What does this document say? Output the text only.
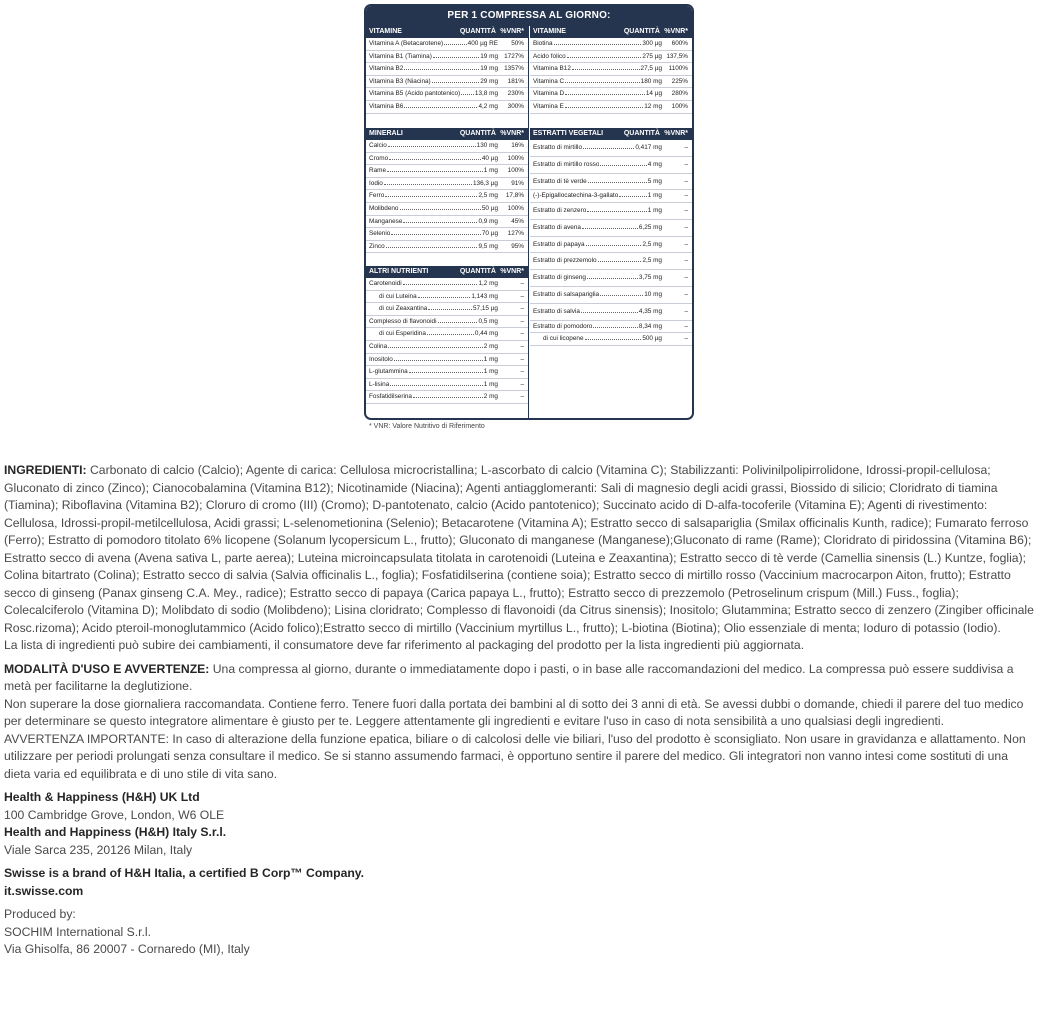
PER 1 COMPRESSA AL GIORNO:
VITAMINE	QUANTITÀ %VNR*
Vitamina A (Betacarotene)	400 µg RE	50%
Vitamina B1 (Tiamina)	19 mg 1727%
Vitamina B2	19 mg 1357%
Vitamina B3 (Niacina)	29 mg	181%
Vitamina B5 (Acido pantotenico) 13,8 mg	230%
Vitamina B6	4,2 mg	300%
MINERALI	QUANTITÀ %VNR*
Calcio	130 mg	16%
Cromo	40 µg	100%
Rame	1 mg	100%
Iodio	136,3 µg	91%
Ferro	2,5 mg	17,8%
Molibdeno	50 µg	100%
Manganese	0,9 mg	45%
Selenio	70 µg	127%
Zinco	9,5 mg	95%
ALTRI NUTRIENTI	QUANTITÀ %VNR*
Carotenoidi	1,2 mg	–
di cui Luteina	1,143 mg	–
di cui Zeaxantina	57,15 µg	–
Complesso di flavonoidi	0,5 mg	–
di cui Esperidina	0,44 mg	–
Colina	2 mg	–
Inositolo	1 mg	–
L-glutammina	1 mg	–
L-lisina	1 mg	–
Fosfatidilserina	2 mg	–
VITAMINE	QUANTITÀ %VNR*
Biotina	300 µg	600%
Acido folico	275 µg 137,5%
Vitamina B12	27,5 µg	1100%
Vitamina C	180 mg	225%
Vitamina D	14 µg	280%
Vitamina E	12 mg	100%
ESTRATTI VEGETALI	QUANTITÀ %VNR*
Estratto di mirtillo	0,417 mg	–
Estratto di mirtillo rosso	4 mg	–
Estratto di tè verde	5 mg	–
(-)-Epigallocatechina-3-gallato	1 mg	–
Estratto di zenzero	1 mg	–
Estratto di avena	6,25 mg	–
Estratto di papaya	2,5 mg	–
Estratto di prezzemolo	2,5 mg	–
Estratto di ginseng	3,75 mg	–
Estratto di salsapariglia	10 mg	–
Estratto di salvia	4,35 mg	–
Estratto di pomodoro	8,34 mg	–
di cui licopene	500 µg	–
* VNR: Valore Nutritivo di Riferimento

INGREDIENTI: Carbonato di calcio (Calcio); Agente di carica: Cellulosa microcristallina; L-ascorbato di calcio (Vitamina C); Stabilizzanti: Polivinilpolipirrolidone, Idrossi-propil-cellulosa; Gluconato di zinco (Zinco); Cianocobalamina (Vitamina B12); Nicotinamide (Niacina); Agenti antiagglomeranti: Sali di magnesio degli acidi grassi, Biossido di silicio; Cloridrato di tiamina (Tiamina); Riboflavina (Vitamina B2); Cloruro di cromo (III) (Cromo); D-pantotenato, calcio (Acido pantotenico); Succinato acido di D-alfa-tocoferile (Vitamina E); Agenti di rivestimento: Cellulosa, Idrossi-propil-metilcellulosa, Acidi grassi; L-selenometionina (Selenio); Betacarotene (Vitamina A); Estratto secco di salsapariglia (Smilax officinalis Kunth, radice); Fumarato ferroso (Ferro); Estratto di pomodoro titolato 6% licopene (Solanum lycopersicum L., frutto); Gluconato di manganese (Manganese);Gluconato di rame (Rame); Cloridrato di piridossina (Vitamina B6); Estratto secco di avena (Avena sativa L, parte aerea); Luteina microincapsulata titolata in carotenoidi (Luteina e Zeaxantina); Estratto secco di tè verde (Camellia sinensis (L.) Kuntze, foglia); Colina bitartrato (Colina); Estratto secco di salvia (Salvia officinalis L., foglia); Fosfatidilserina (contiene soia); Estratto secco di mirtillo rosso (Vaccinium macrocarpon Aiton, frutto); Estratto secco di ginseng (Panax ginseng C.A. Mey., radice); Estratto secco di papaya (Carica papaya L., frutto); Estratto secco di prezzemolo (Petroselinum crispum (Mill.) Fuss., foglia); Colecalciferolo (Vitamina D); Molibdato di sodio (Molibdeno); Lisina cloridrato; Complesso di flavonoidi (da Citrus sinensis); Inositolo; Glutammina; Estratto secco di zenzero (Zingiber officinale Rosc.rizoma); Acido pteroil-monoglutammico (Acido folico);Estratto secco di mirtillo (Vaccinium myrtillus L., frutto); L-biotina (Biotina); Olio essenziale di menta; Ioduro di potassio (Iodio).

La lista di ingredienti può subire dei cambiamenti, il consumatore deve far riferimento al packaging del prodotto per la lista ingredienti più aggiornata.

MODALITÀ D'USO E AVVERTENZE: Una compressa al giorno, durante o immediatamente dopo i pasti, o in base alle raccomandazioni del medico. La compressa può essere suddivisa a metà per facilitarne la deglutizione.

Non superare la dose giornaliera raccomandata. Contiene ferro. Tenere fuori dalla portata dei bambini al di sotto dei 3 anni di età. Se avessi dubbi o domande, chiedi il parere del tuo medico per determinare se questo integratore alimentare è giusto per te. Leggere attentamente gli ingredienti e evitare l'uso in caso di nota sensibilità a uno qualsiasi degli ingredienti.

AVVERTENZA IMPORTANTE: In caso di alterazione della funzione epatica, biliare o di calcolosi delle vie biliari, l'uso del prodotto è sconsigliato. Non usare in gravidanza e allattamento. Non utilizzare per periodi prolungati senza consultare il medico. Se si stanno assumendo farmaci, è opportuno sentire il parere del medico. Gli integratori non vanno intesi come sostituti di una dieta varia ed equilibrata e di uno stile di vita sano.

Health & Happiness (H&H) UK Ltd

100 Cambridge Grove, London, W6 OLE

Health and Happiness (H&H) Italy S.r.l.

Viale Sarca 235, 20126 Milan, Italy

Swisse is a brand of H&H Italia, a certified B Corp™ Company.

it.swisse.com

Produced by:

SOCHIM International S.r.l.

Via Ghisolfa, 86 20007 - Cornaredo (MI), Italy
